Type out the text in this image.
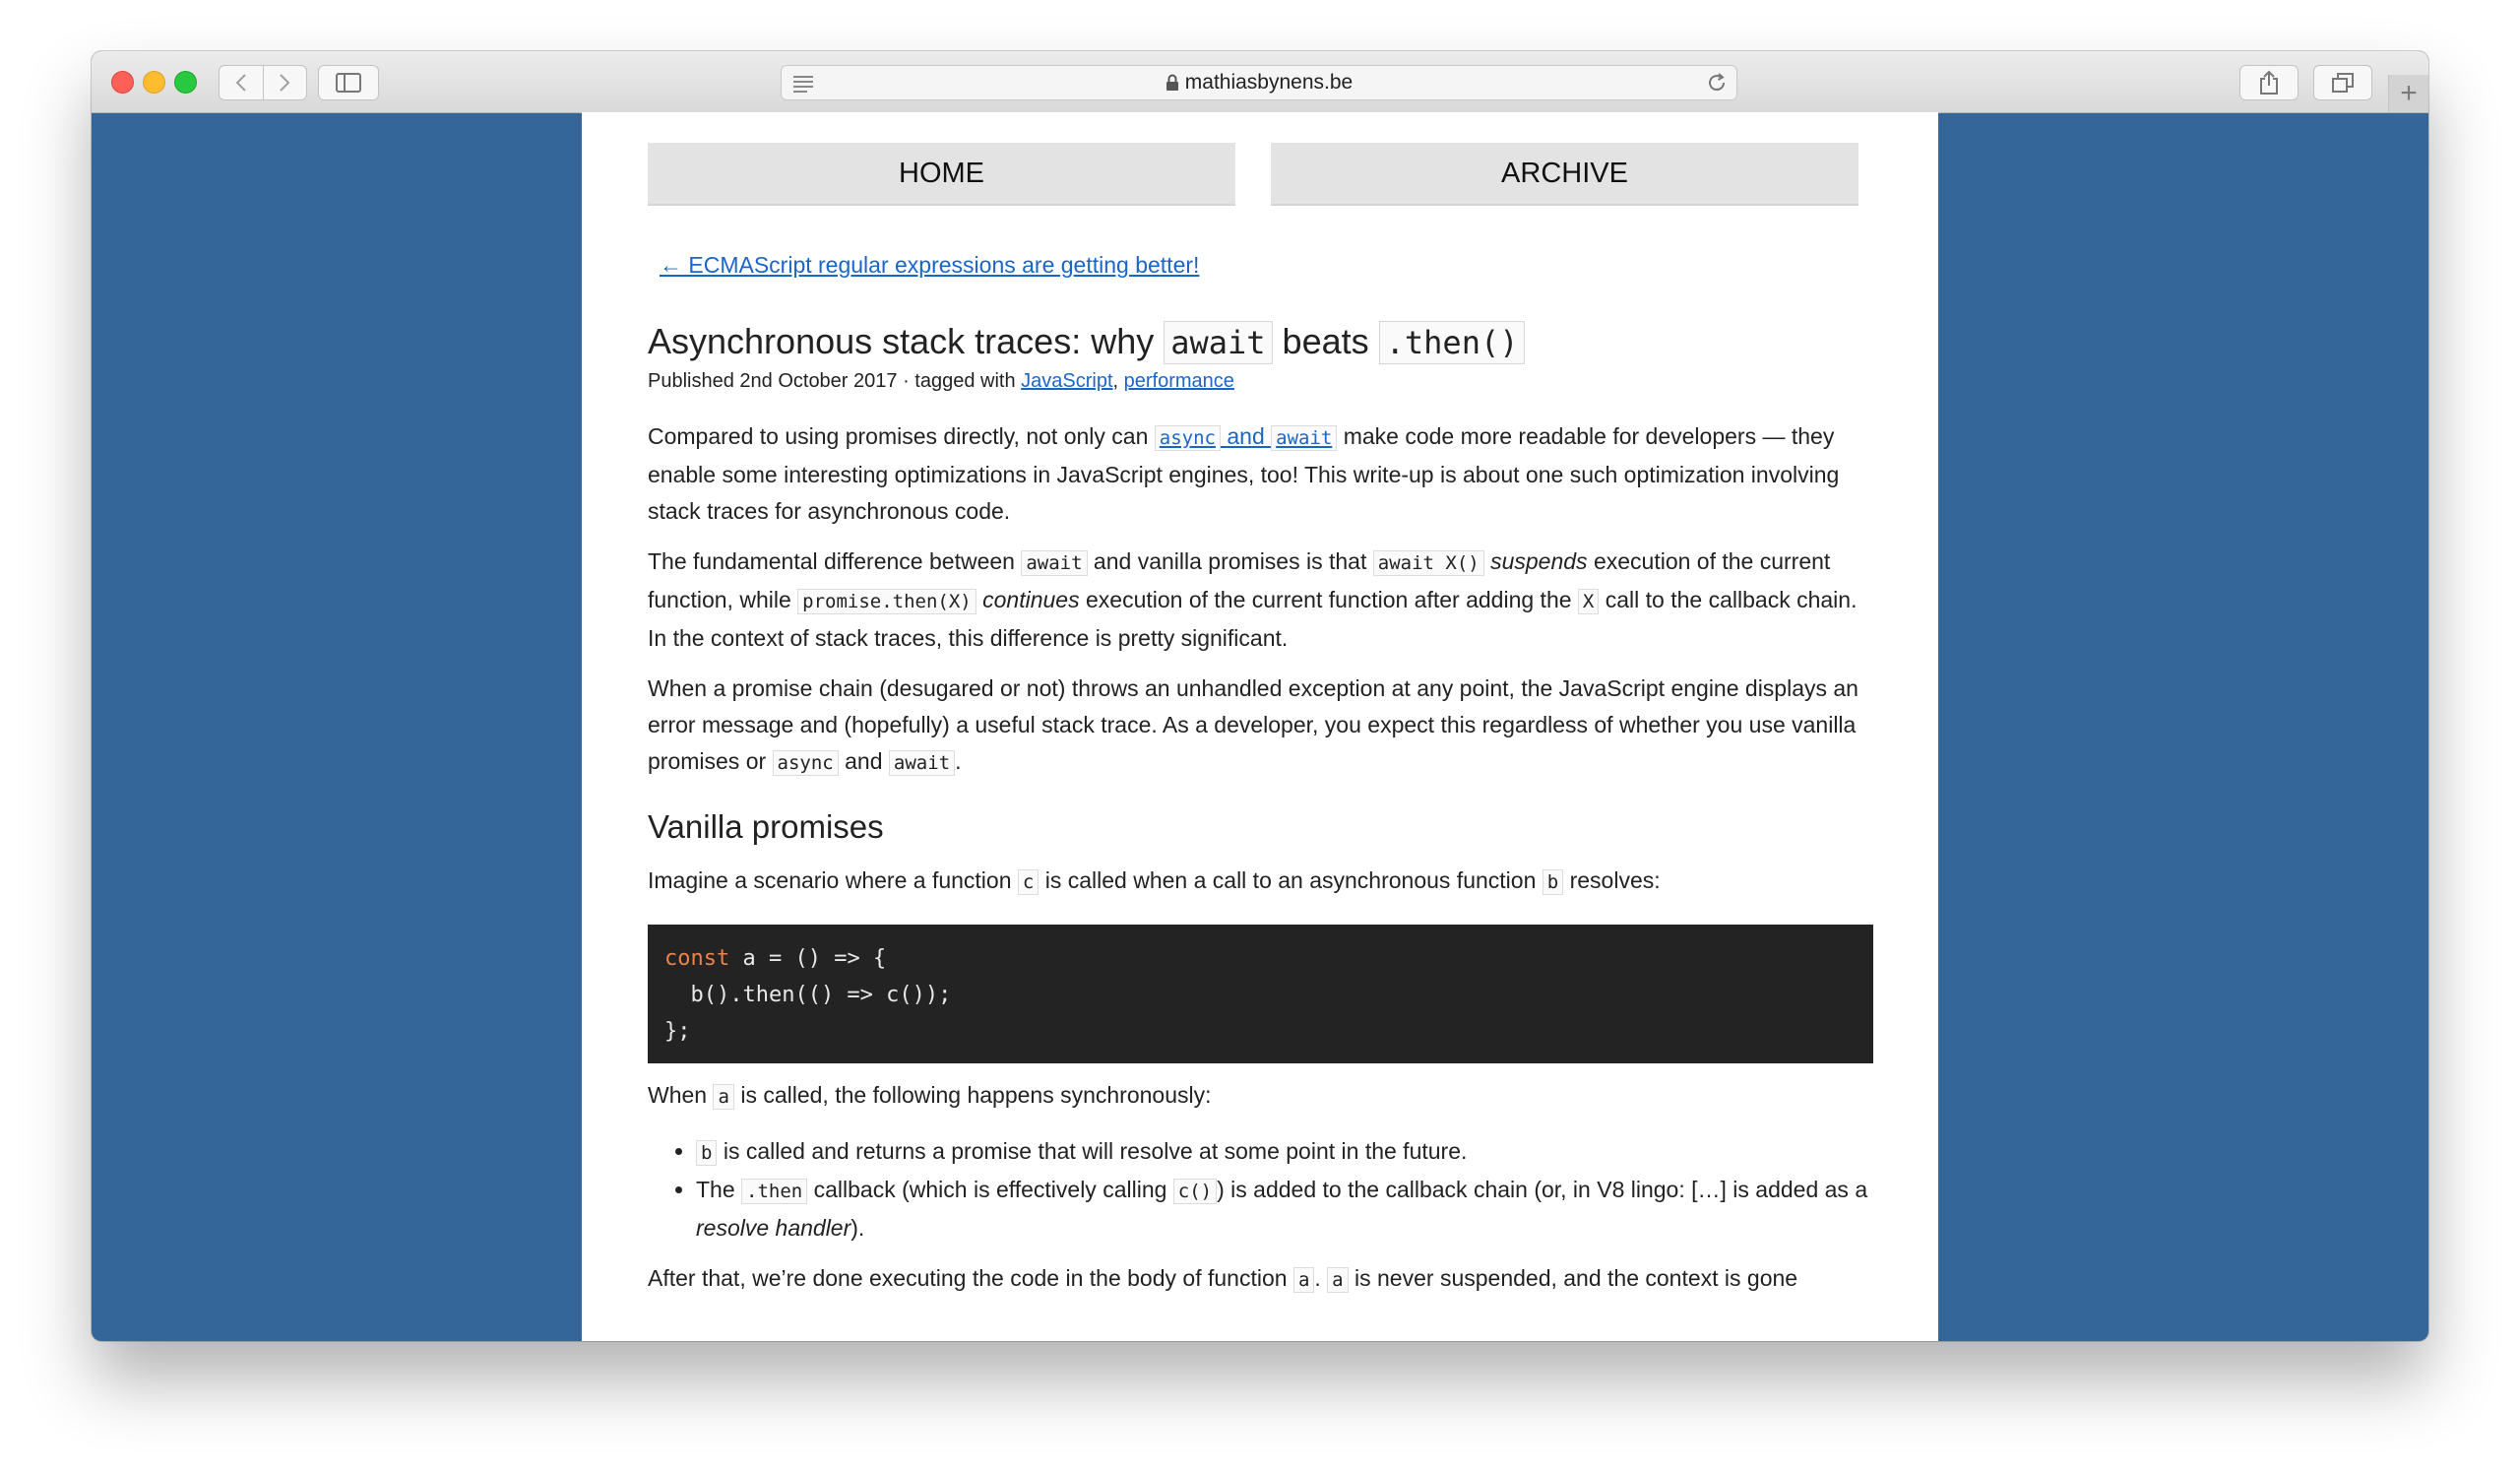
mathiasbynens.be	+
HOME	ARCHIVE
← ECMAScript regular expressions are getting better!
Asynchronous stack traces: why await beats .then()
Published 2nd October 2017 · tagged with JavaScript, performance

Compared to using promises directly, not only can async and await make code more readable for developers — they enable some interesting optimizations in JavaScript engines, too! This write-up is about one such optimization involving stack traces for asynchronous code.

The fundamental difference between await and vanilla promises is that await X() suspends execution of the current function, while promise.then(X) continues execution of the current function after adding the X call to the callback chain. In the context of stack traces, this difference is pretty significant.

When a promise chain (desugared or not) throws an unhandled exception at any point, the JavaScript engine displays an error message and (hopefully) a useful stack trace. As a developer, you expect this regardless of whether you use vanilla promises or async and await .

Vanilla promises

Imagine a scenario where a function c is called when a call to an asynchronous function b resolves:

const a = () => {
b().then(() => c());
};

When a is called, the following happens synchronously:

• b is called and returns a promise that will resolve at some point in the future.
• The .then callback (which is effectively calling c() ) is added to the callback chain (or, in V8 lingo: […] is added as a resolve handler).

After that, we’re done executing the code in the body of function a . a is never suspended, and the context is gone
